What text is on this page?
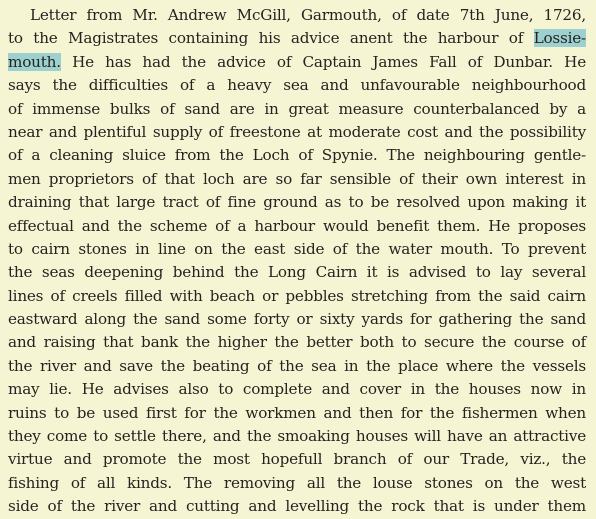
Letter from Mr. Andrew McGill, Garmouth, of date 7th June, 1726,
to the Magistrates containing his advice anent the harbour of Lossie-
mouth. He has had the advice of Captain James Fall of Dunbar. He
says the difficulties of a heavy sea and unfavourable neighbourhood
of immense bulks of sand are in great measure counterbalanced by a
near and plentiful supply of freestone at moderate cost and the possibility
of a cleaning sluice from the Loch of Spynie. The neighbouring gentle-
men proprietors of that loch are so far sensible of their own interest in
draining that large tract of fine ground as to be resolved upon making it
effectual and the scheme of a harbour would benefit them. He proposes
to cairn stones in line on the east side of the water mouth. To prevent
the seas deepening behind the Long Cairn it is advised to lay several
lines of creels filled with beach or pebbles stretching from the said cairn
eastward along the sand some forty or sixty yards for gathering the sand
and raising that bank the higher the better both to secure the course of
the river and save the beating of the sea in the place where the vessels
may lie. He advises also to complete and cover in the houses now in
ruins to be used first for the workmen and then for the fishermen when
they come to settle there, and the smoaking houses will have an attractive
virtue and promote the most hopefull branch of our Trade, viz., the
fishing of all kinds. The removing all the louse stones on the west
side of the river and cutting and levelling the rock that is under them
